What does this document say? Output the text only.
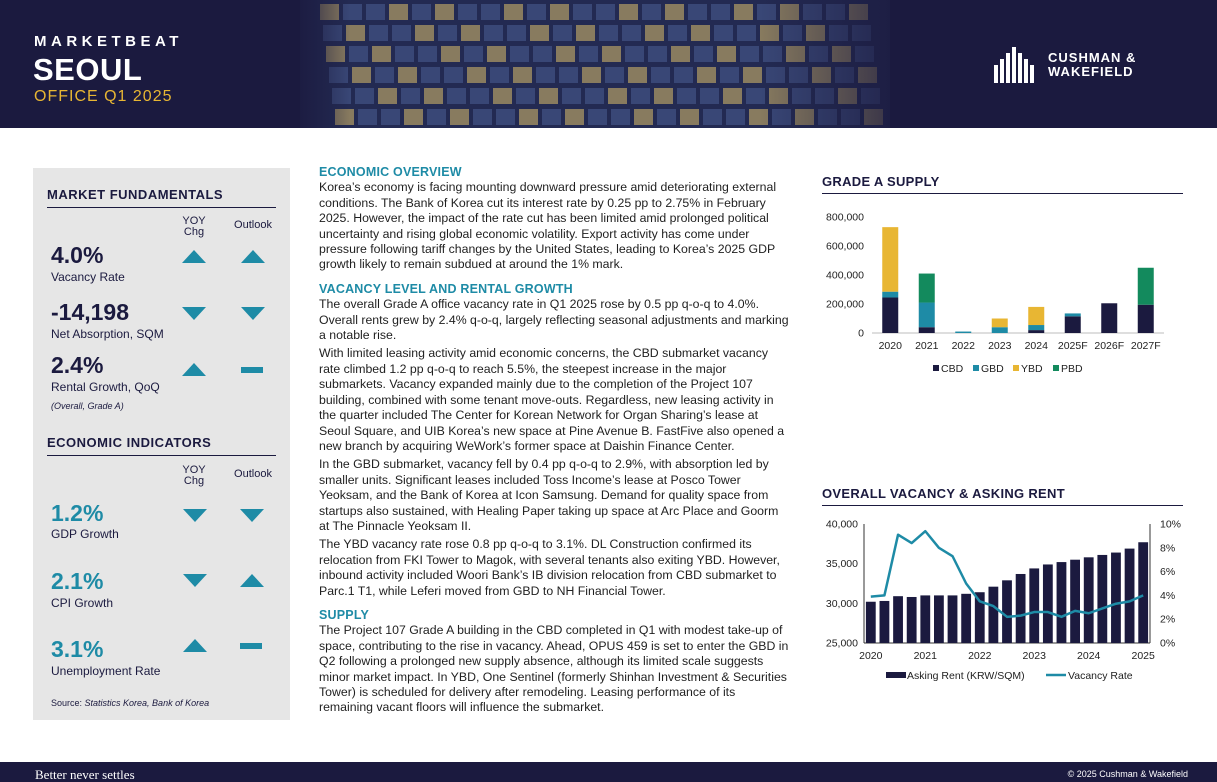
MARKETBEAT
SEOUL
OFFICE Q1 2025
CUSHMAN &
WAKEFIELD
MARKET FUNDAMENTALS
YOY Chg
Outlook
4.0%
Vacancy Rate
-14,198
Net Absorption, SQM
2.4%
Rental Growth, QoQ
(Overall, Grade A)
ECONOMIC INDICATORS
YOY Chg
Outlook
1.2%
GDP Growth
2.1%
CPI Growth
3.1%
Unemployment Rate
Source: Statistics Korea, Bank of Korea
ECONOMIC OVERVIEW

Korea’s economy is facing mounting downward pressure amid deteriorating external conditions. The Bank of Korea cut its interest rate by 0.25 pp to 2.75% in February 2025. However, the impact of the rate cut has been limited amid prolonged political uncertainty and rising global economic volatility. Export activity has come under pressure following tariff changes by the United States, leading to Korea’s 2025 GDP growth likely to remain subdued at around the 1% mark.

VACANCY LEVEL AND RENTAL GROWTH

The overall Grade A office vacancy rate in Q1 2025 rose by 0.5 pp q-o-q to 4.0%. Overall rents grew by 2.4% q-o-q, largely reflecting seasonal adjustments and marking a notable rise.

With limited leasing activity amid economic concerns, the CBD submarket vacancy rate climbed 1.2 pp q-o-q to reach 5.5%, the steepest increase in the major submarkets. Vacancy expanded mainly due to the completion of the Project 107 building, combined with some tenant move-outs. Regardless, new leasing activity in the quarter included The Center for Korean Network for Organ Sharing’s lease at Seoul Square, and UIB Korea’s new space at Pine Avenue B. FastFive also opened a new branch by acquiring WeWork’s former space at Daishin Finance Center.

In the GBD submarket, vacancy fell by 0.4 pp q-o-q to 2.9%, with absorption led by smaller units. Significant leases included Toss Income’s lease at Posco Tower Yeoksam, and the Bank of Korea at Icon Samsung. Demand for quality space from startups also sustained, with Healing Paper taking up space at Arc Place and Goorm at The Pinnacle Yeoksam II.

The YBD vacancy rate rose 0.8 pp q-o-q to 3.1%. DL Construction confirmed its relocation from FKI Tower to Magok, with several tenants also exiting YBD. However, inbound activity included Woori Bank’s IB division relocation from CBD submarket to Parc.1 T1, while Leferi moved from GBD to NH Financial Tower.

SUPPLY

The Project 107 Grade A building in the CBD completed in Q1 with modest take-up of space, contributing to the rise in vacancy. Ahead, OPUS 459 is set to enter the GBD in Q2 following a prolonged new supply absence, although its limited scale suggests minor market impact. In YBD, One Sentinel (formerly Shinhan Investment & Securities Tower) is scheduled for delivery after remodeling. Leasing performance of its remaining vacant floors will influence the submarket.

GRADE A SUPPLY
0
200,000
400,000
600,000
800,000
2020 2021 2022 2023 2024 2025F 2026F 2027F
CBD GBD YBD PBD
OVERALL VACANCY & ASKING RENT
25,000
30,000
35,000
40,000
0%
2%
4%
6%
8%
10%
2020	2021	2022	2023	2024	2025
Asking Rent (KRW/SQM)	Vacancy Rate
Better never settles	© 2025 Cushman & Wakefield
